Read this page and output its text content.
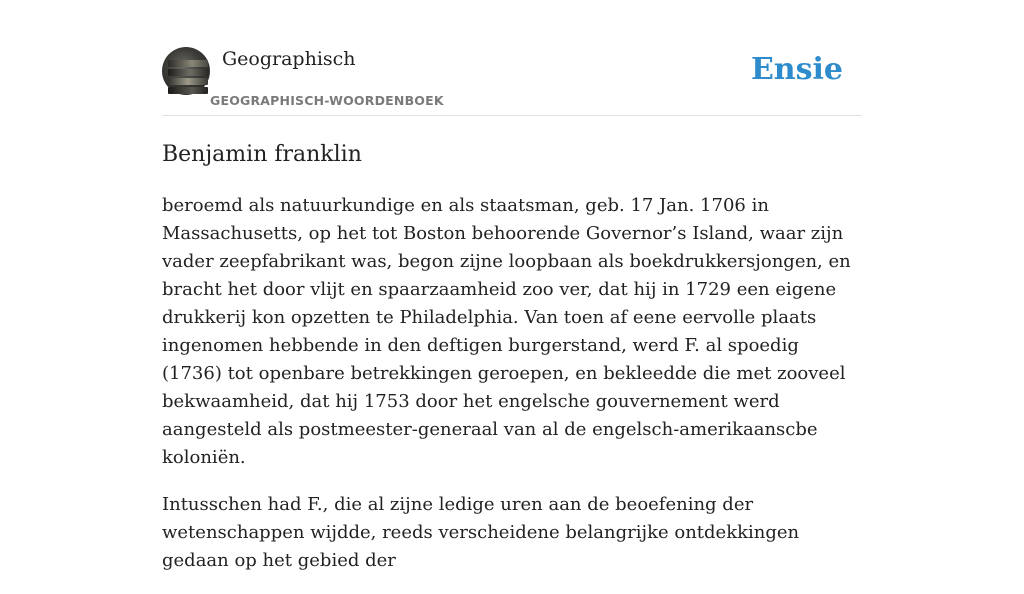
Geographisch
GEOGRAPHISCH-WOORDENBOEK
Ensie
Benjamin franklin

beroemd als natuurkundige en als staatsman, geb. 17 Jan. 1706 in Massachusetts, op het tot Boston behoorende Governor’s Island, waar zijn vader zeepfabrikant was, begon zijne loopbaan als boekdrukkersjongen, en bracht het door vlijt en spaarzaamheid zoo ver, dat hij in 1729 een eigene drukkerij kon opzetten te Philadelphia. Van toen af eene eervolle plaats ingenomen hebbende in den deftigen burgerstand, werd F. al spoedig (1736) tot openbare betrekkingen geroepen, en bekleedde die met zooveel bekwaamheid, dat hij 1753 door het engelsche gouvernement werd aangesteld als postmeester-generaal van al de engelsch-amerikaanscbe koloniën.

Intusschen had F., die al zijne ledige uren aan de beoefening der wetenschappen wijdde, reeds verscheidene belangrijke ontdekkingen gedaan op het gebied der
